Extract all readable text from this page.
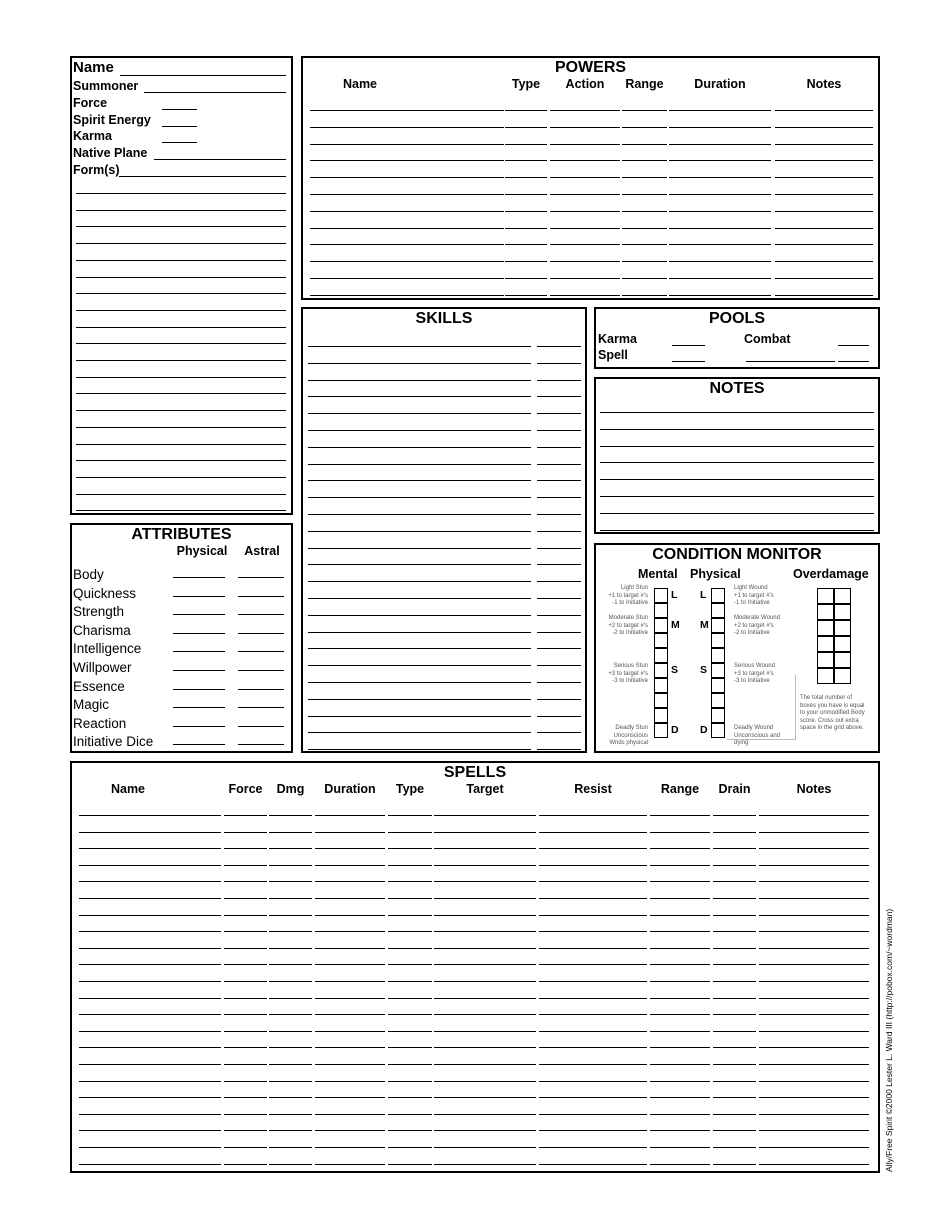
Name
Summoner
Force
Spirit Energy
Karma
Native Plane
Form(s)
POWERS
Name	Type	Action	Range	Duration	Notes
SKILLS	POOLS
Karma	Combat
Spell
NOTES
ATTRIBUTES
Physical	Astral
Body
Quickness
Strength
Charisma
Intelligence
Willpower
Essence
Magic
Reaction
Initiative Dice
CONDITION MONITOR
Mental Physical	Overdamage
L L
M M
S S
D D
Light Stun
+1 to target #'s
-1 to Initiative
Moderate Stun
+2 to target #'s
-2 to Initiative
Serious Stun
+3 to target #'s
-3 to Initiative
Deadly Stun
Unconscious
Wnds physical
Light Wound
+1 to target #'s
-1 to Initiative
Moderate Wound
+2 to target #'s
-2 to Initiative
Serious Wound
+3 to target #'s
-3 to Initiative
Deadly Wound
Unconscious and
dying
The total number of
boxes you have is equal
to your unmodified Body
score. Cross out extra
space in the grid above.
SPELLS
Name	Force	Dmg	Duration	Type	Target	Resist	Range	Drain	Notes
Ally/Free Spirit ©2000 Lester L. Ward III (http://pobox.com/~wordman)
